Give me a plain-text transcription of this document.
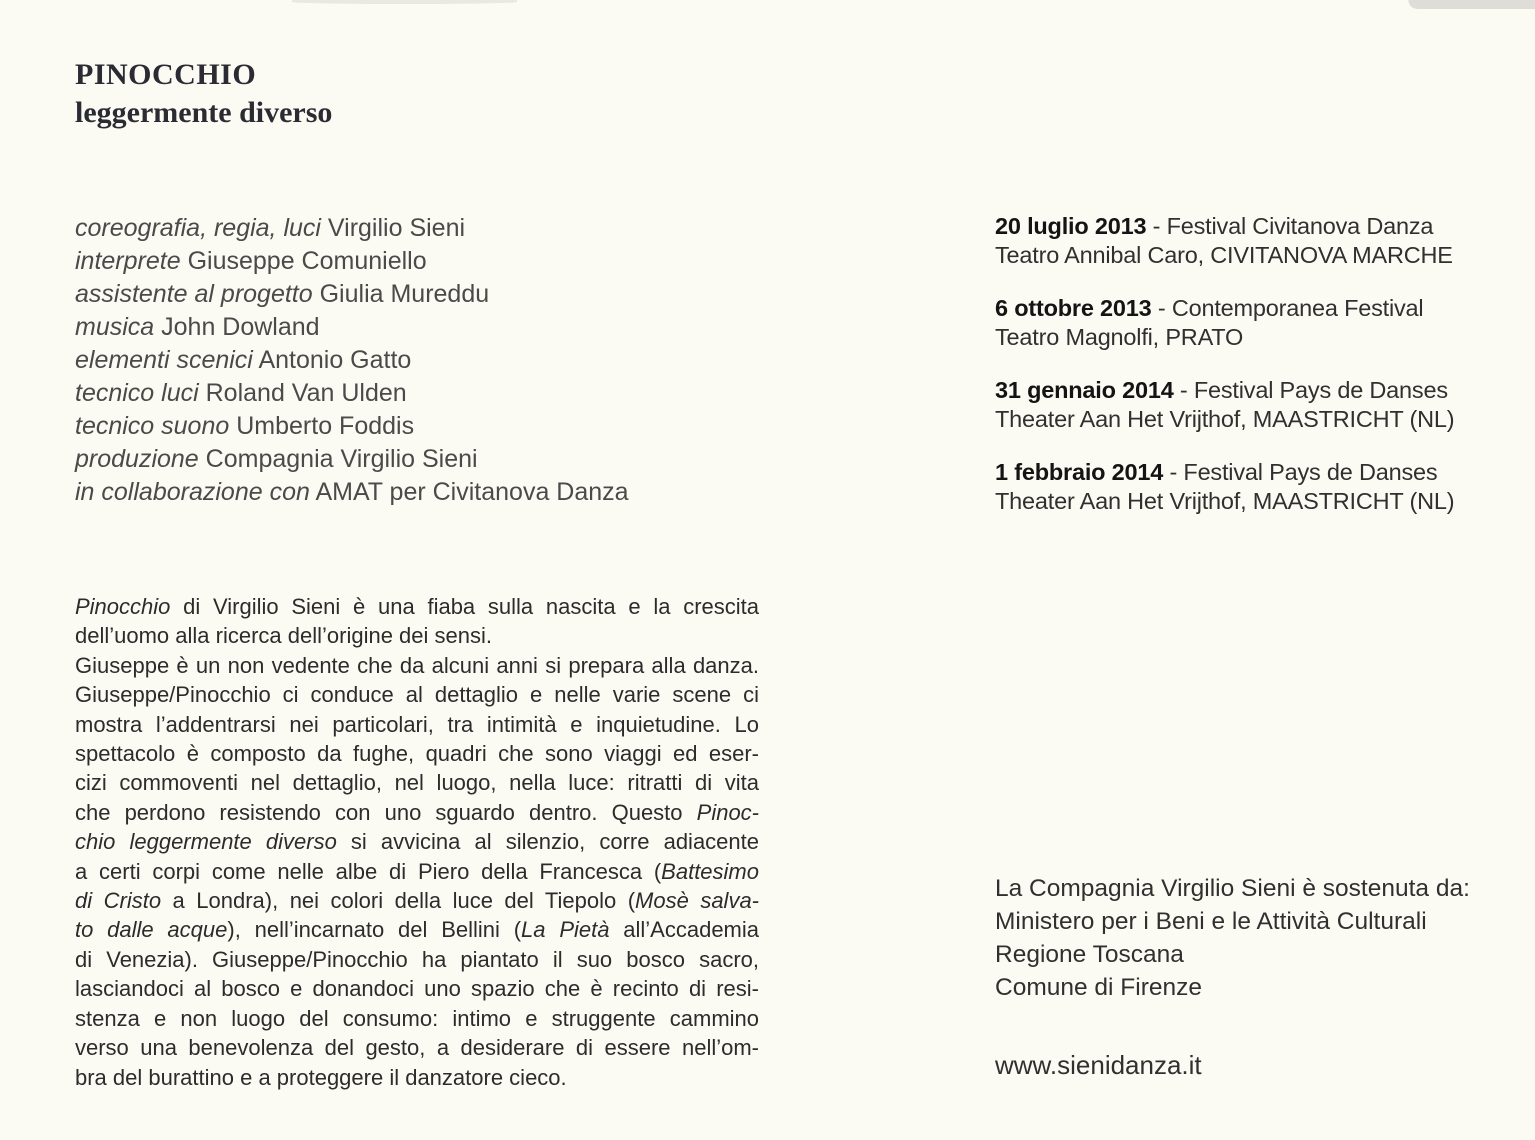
PINOCCHIO
leggermente diverso
coreografia, regia, luci Virgilio Sieni
interprete Giuseppe Comuniello
assistente al progetto Giulia Mureddu
musica John Dowland
elementi scenici Antonio Gatto
tecnico luci Roland Van Ulden
tecnico suono Umberto Foddis
produzione Compagnia Virgilio Sieni
in collaborazione con AMAT per Civitanova Danza
20 luglio 2013 - Festival Civitanova Danza
Teatro Annibal Caro, CIVITANOVA MARCHE
6 ottobre 2013 - Contemporanea Festival
Teatro Magnolfi, PRATO
31 gennaio 2014 - Festival Pays de Danses
Theater Aan Het Vrijthof, MAASTRICHT (NL)
1 febbraio 2014 - Festival Pays de Danses
Theater Aan Het Vrijthof, MAASTRICHT (NL)
Pinocchio di Virgilio Sieni è una fiaba sulla nascita e la crescita
dell’uomo alla ricerca dell’origine dei sensi.
Giuseppe è un non vedente che da alcuni anni si prepara alla danza.
Giuseppe/Pinocchio ci conduce al dettaglio e nelle varie scene ci
mostra l’addentrarsi nei particolari, tra intimità e inquietudine. Lo
spettacolo è composto da fughe, quadri che sono viaggi ed eser-
cizi commoventi nel dettaglio, nel luogo, nella luce: ritratti di vita
che perdono resistendo con uno sguardo dentro. Questo Pinoc-
chio leggermente diverso si avvicina al silenzio, corre adiacente
a certi corpi come nelle albe di Piero della Francesca (Battesimo
di Cristo a Londra), nei colori della luce del Tiepolo (Mosè salva-
to dalle acque), nell’incarnato del Bellini (La Pietà all’Accademia
di Venezia). Giuseppe/Pinocchio ha piantato il suo bosco sacro,
lasciandoci al bosco e donandoci uno spazio che è recinto di resi-
stenza e non luogo del consumo: intimo e struggente cammino
verso una benevolenza del gesto, a desiderare di essere nell’om-
bra del burattino e a proteggere il danzatore cieco.
La Compagnia Virgilio Sieni è sostenuta da:
Ministero per i Beni e le Attività Culturali
Regione Toscana
Comune di Firenze
www.sienidanza.it
